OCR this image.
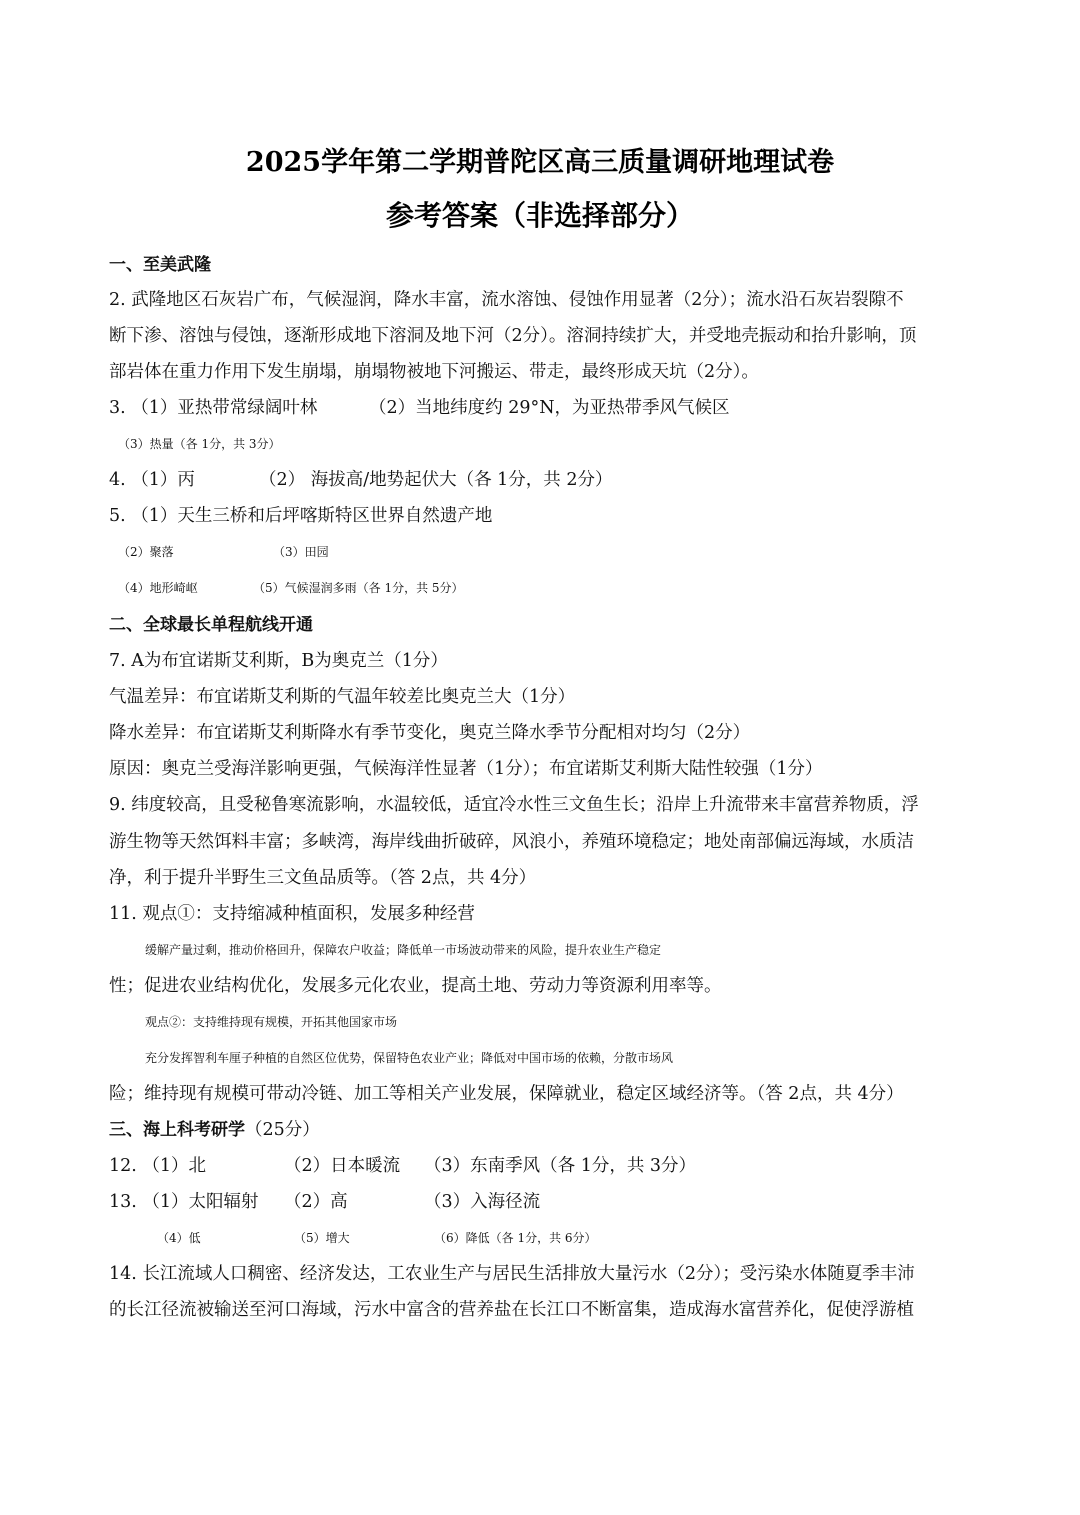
2025学年第二学期普陀区高三质量调研地理试卷
参考答案（非选择部分）
一、至美武隆
2. 武隆地区石灰岩广布，气候湿润，降水丰富，流水溶蚀、侵蚀作用显著（2分）；流水沿石灰岩裂隙不
断下渗、溶蚀与侵蚀，逐渐形成地下溶洞及地下河（2分）。溶洞持续扩大，并受地壳振动和抬升影响，顶
部岩体在重力作用下发生崩塌，崩塌物被地下河搬运、带走，最终形成天坑（2分）。
3. （1）亚热带常绿阔叶林	（2）当地纬度约 29°N，为亚热带季风气候区
（3）热量（各 1分，共 3分）
4. （1）丙	（2） 海拔高/地势起伏大（各 1分，共 2分）
5. （1）天生三桥和后坪喀斯特区世界自然遗产地
（2）聚落	（3）田园
（4）地形崎岖	（5）气候湿润多雨（各 1分，共 5分）
二、全球最长单程航线开通
7. A为布宜诺斯艾利斯，B为奥克兰（1分）
气温差异：布宜诺斯艾利斯的气温年较差比奥克兰大（1分）
降水差异：布宜诺斯艾利斯降水有季节变化，奥克兰降水季节分配相对均匀（2分）
原因：奥克兰受海洋影响更强，气候海洋性显著（1分）；布宜诺斯艾利斯大陆性较强（1分）
9. 纬度较高，且受秘鲁寒流影响，水温较低，适宜冷水性三文鱼生长；沿岸上升流带来丰富营养物质，浮
游生物等天然饵料丰富；多峡湾，海岸线曲折破碎，风浪小，养殖环境稳定；地处南部偏远海域，水质洁
净，利于提升半野生三文鱼品质等。（答 2点，共 4分）
11. 观点①：支持缩减种植面积，发展多种经营
缓解产量过剩，推动价格回升，保障农户收益；降低单一市场波动带来的风险，提升农业生产稳定
性；促进农业结构优化，发展多元化农业，提高土地、劳动力等资源利用率等。
观点②：支持维持现有规模，开拓其他国家市场
充分发挥智利车厘子种植的自然区位优势，保留特色农业产业；降低对中国市场的依赖，分散市场风
险；维持现有规模可带动冷链、加工等相关产业发展，保障就业，稳定区域经济等。（答 2点，共 4分）
三、海上科考研学（25分）
12. （1）北	（2）日本暖流 （3）东南季风（各 1分，共 3分）
13. （1）太阳辐射 （2）高	（3）入海径流
（4）低	（5）增大	（6）降低（各 1分，共 6分）
14. 长江流域人口稠密、经济发达，工农业生产与居民生活排放大量污水（2分）；受污染水体随夏季丰沛
的长江径流被输送至河口海域，污水中富含的营养盐在长江口不断富集，造成海水富营养化，促使浮游植
